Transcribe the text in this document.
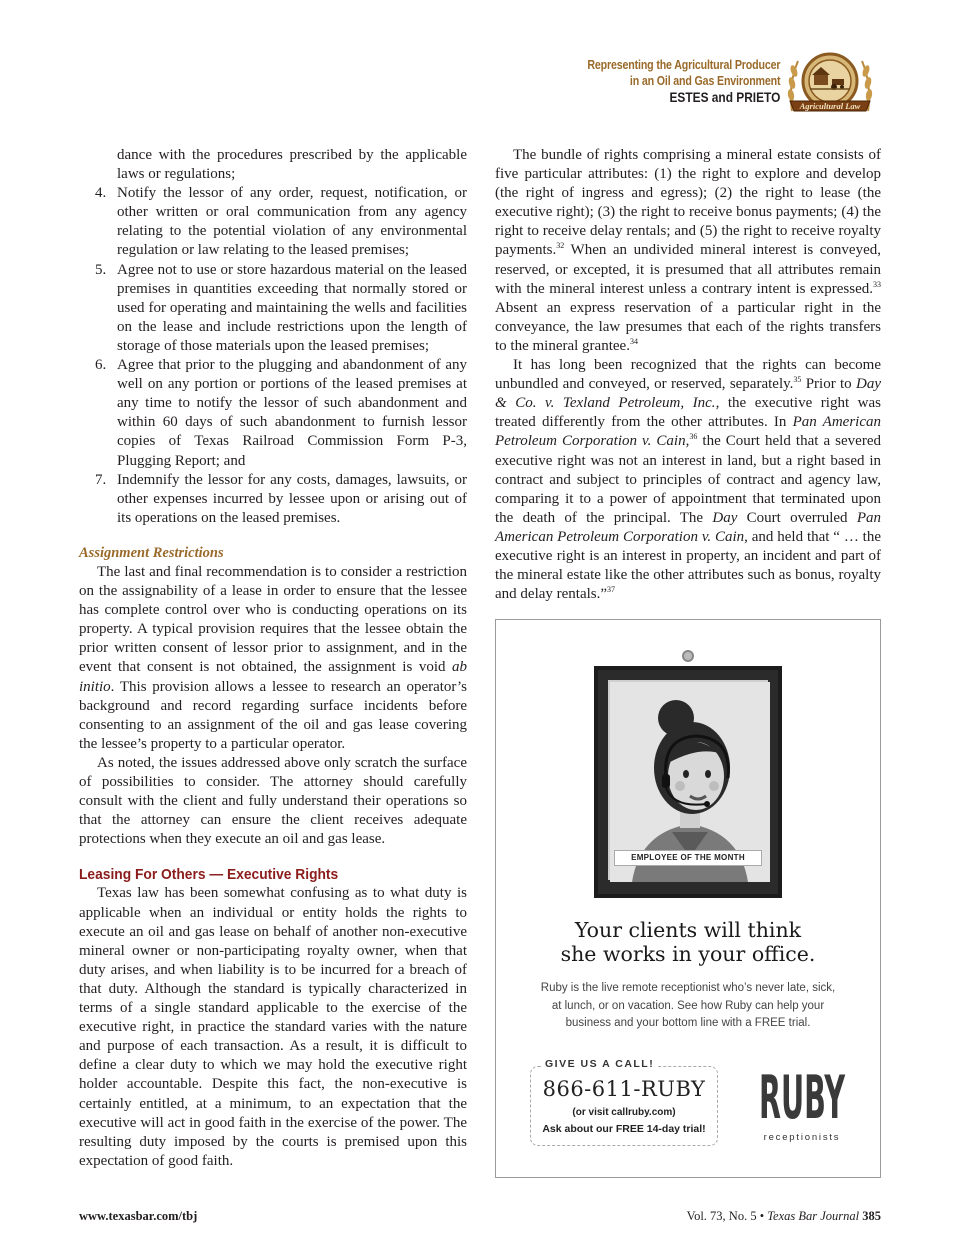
Representing the Agricultural Producer
in an Oil and Gas Environment
ESTES and PRIETO
Agricultural Law

dance with the procedures prescribed by the applicable laws or regulations;

4. Notify the lessor of any order, request, notification, or other written or oral communication from any agency relating to the potential violation of any environmental regulation or law relating to the leased premises;
5. Agree not to use or store hazardous material on the leased premises in quantities exceeding that normally stored or used for operating and maintaining the wells and facilities on the lease and include restrictions upon the length of storage of those materials upon the leased premises;
6. Agree that prior to the plugging and abandonment of any well on any portion or portions of the leased premises at any time to notify the lessor of such abandonment and within 60 days of such abandonment to furnish lessor copies of Texas Railroad Commission Form P-3, Plugging Report; and
7. Indemnify the lessor for any costs, damages, lawsuits, or other expenses incurred by lessee upon or arising out of its operations on the leased premises.
Assignment Restrictions

The last and final recommendation is to consider a restriction on the assignability of a lease in order to ensure that the lessee has complete control over who is conducting operations on its property. A typical provision requires that the lessee obtain the prior written consent of lessor prior to assignment, and in the event that consent is not obtained, the assignment is void ab initio. This provision allows a lessee to research an operator’s background and record regarding surface incidents before consenting to an assignment of the oil and gas lease covering the lessee’s property to a particular operator.

As noted, the issues addressed above only scratch the surface of possibilities to consider. The attorney should carefully consult with the client and fully understand their operations so that the attorney can ensure the client receives adequate protections when they execute an oil and gas lease.

Leasing For Others — Executive Rights

Texas law has been somewhat confusing as to what duty is applicable when an individual or entity holds the rights to execute an oil and gas lease on behalf of another non-executive mineral owner or non-participating royalty owner, when that duty arises, and when liability is to be incurred for a breach of that duty. Although the standard is typically characterized in terms of a single standard applicable to the exercise of the executive right, in practice the standard varies with the nature and purpose of each transaction. As a result, it is difficult to define a clear duty to which we may hold the executive right holder accountable. Despite this fact, the non-executive is certainly entitled, at a minimum, to an expectation that the executive will act in good faith in the exercise of the power. The resulting duty imposed by the courts is premised upon this expectation of good faith.

The bundle of rights comprising a mineral estate consists of five particular attributes: (1) the right to explore and develop (the right of ingress and egress); (2) the right to lease (the executive right); (3) the right to receive bonus payments; (4) the right to receive delay rentals; and (5) the right to receive royalty payments.$^{32}$ When an undivided mineral interest is conveyed, reserved, or excepted, it is presumed that all attributes remain with the mineral interest unless a contrary intent is expressed.$^{33}$ Absent an express reservation of a particular right in the conveyance, the law presumes that each of the rights transfers to the mineral grantee.$^{34}$

It has long been recognized that the rights can become unbundled and conveyed, or reserved, separately.$^{35}$ Prior to Day & Co. v. Texland Petroleum, Inc., the executive right was treated differently from the other attributes. In Pan American Petroleum Corporation v. Cain,$^{36}$ the Court held that a severed executive right was not an interest in land, but a right based in contract and subject to principles of contract and agency law, comparing it to a power of appointment that terminated upon the death of the principal. The Day Court overruled Pan American Petroleum Corporation v. Cain, and held that “ … the executive right is an interest in property, an incident and part of the mineral estate like the other attributes such as bonus, royalty and delay rentals.”$^{37}$

EMPLOYEE OF THE MONTH
Your clients will think
she works in your office.
Ruby is the live remote receptionist who’s never late, sick, at lunch, or on vacation. See how Ruby can help your business and your bottom line with a FREE trial.
GIVE US A CALL!
866-611-RUBY
(or visit callruby.com)
Ask about our FREE 14-day trial! RUBY
receptionists
www.texasbar.com/tbj	Vol. 73, No. 5 • Texas Bar Journal 385
